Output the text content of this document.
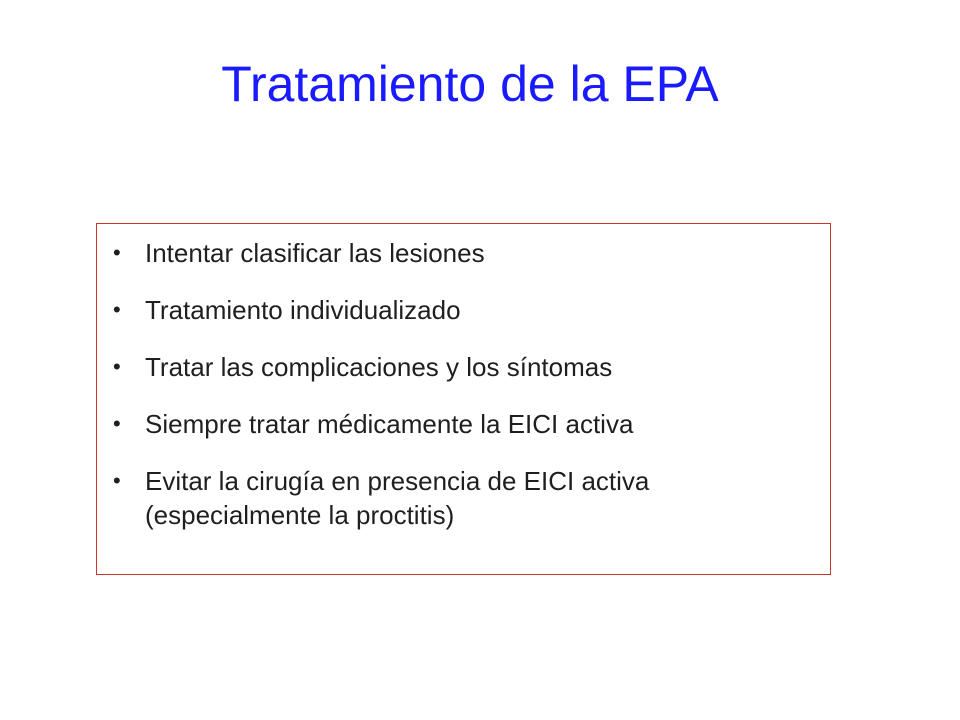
Tratamiento de la EPA
• Intentar clasificar las lesiones
• Tratamiento individualizado
• Tratar las complicaciones y los síntomas
• Siempre tratar médicamente la EICI activa
• Evitar la cirugía en presencia de EICI activa (especialmente la proctitis)
